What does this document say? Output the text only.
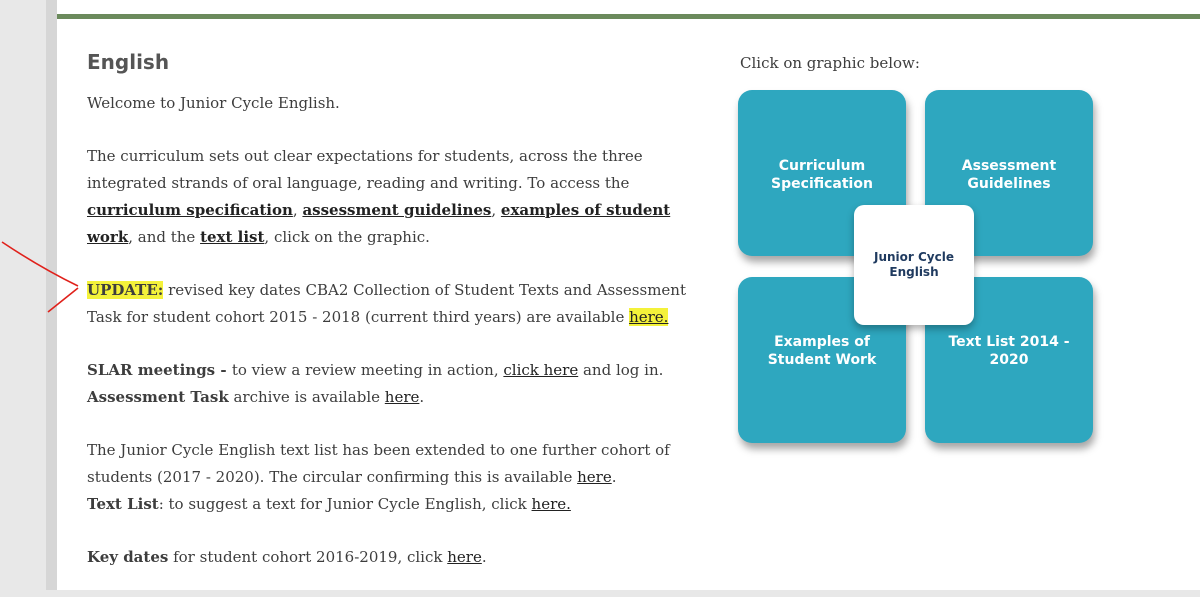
English

Welcome to Junior Cycle English.

The curriculum sets out clear expectations for students, across the three integrated strands of oral language, reading and writing. To access the curriculum specification, assessment guidelines, examples of student work, and the text list, click on the graphic.

UPDATE: revised key dates CBA2 Collection of Student Texts and Assessment Task for student cohort 2015 - 2018 (current third years) are available here.

SLAR meetings - to view a review meeting in action, click here and log in.
Assessment Task archive is available here.

The Junior Cycle English text list has been extended to one further cohort of students (2017 - 2020). The circular confirming this is available here.
Text List: to suggest a text for Junior Cycle English, click here.

Key dates for student cohort 2016-2019, click here.

Click on graphic below:
Curriculum Specification
Assessment Guidelines
Examples of Student Work
Text List 2014 - 2020
Junior Cycle English
